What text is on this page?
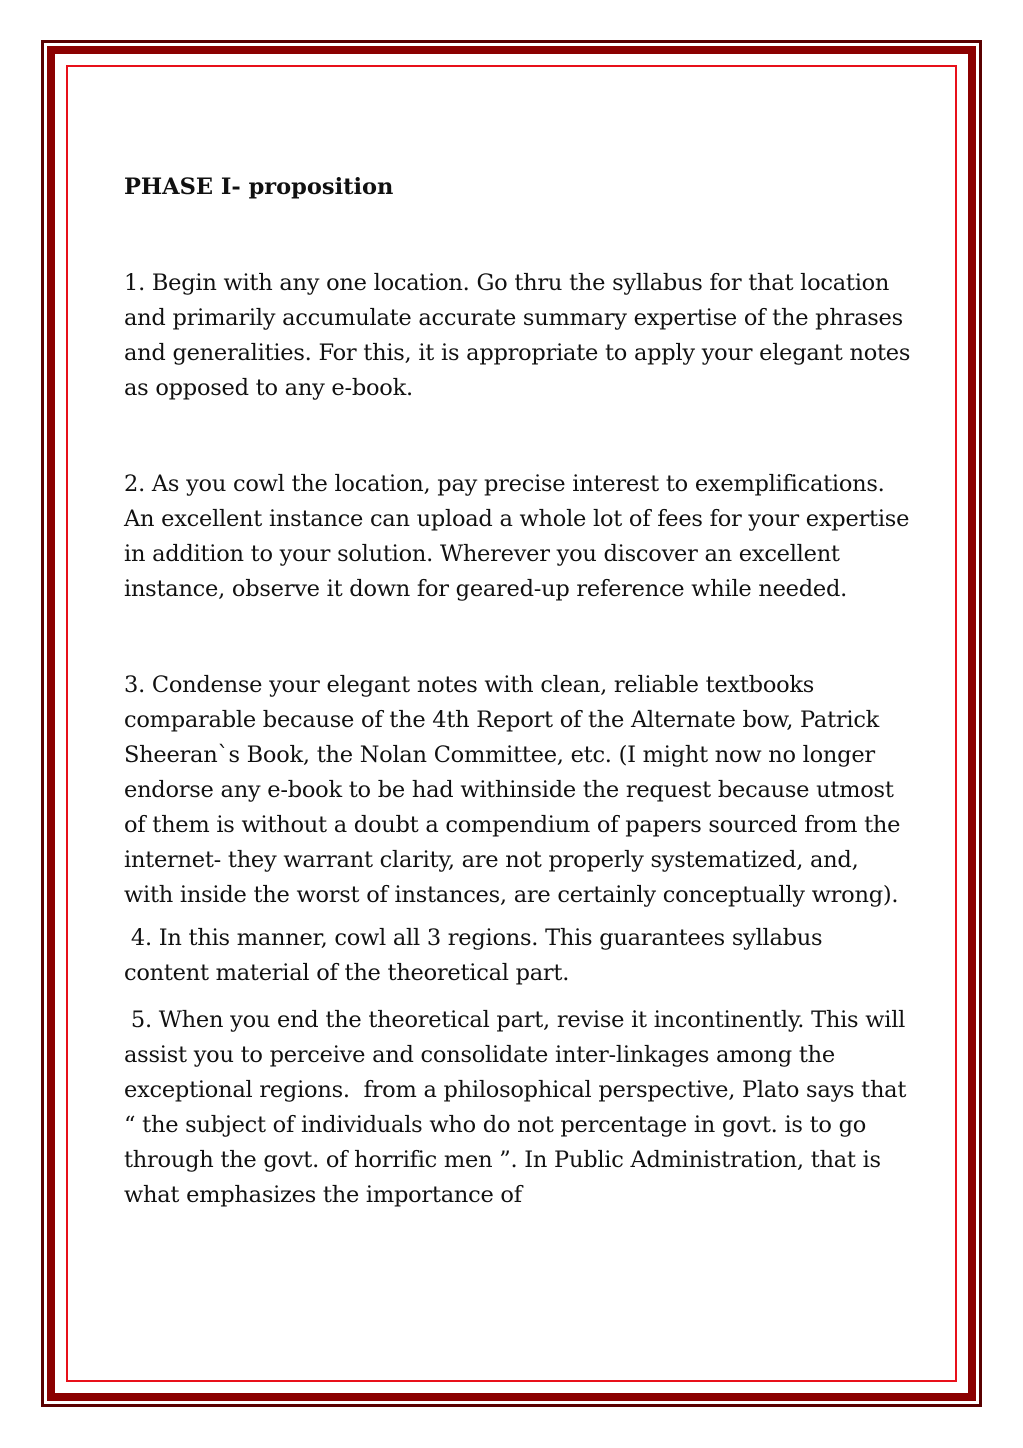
PHASE I- proposition

1. Begin with any one location. Go thru the syllabus for that location and primarily accumulate accurate summary expertise of the phrases and generalities. For this, it is appropriate to apply your elegant notes as opposed to any e-book.

2. As you cowl the location, pay precise interest to exemplifications. An excellent instance can upload a whole lot of fees for your expertise in addition to your solution. Wherever you discover an excellent instance, observe it down for geared-up reference while needed.

3. Condense your elegant notes with clean, reliable textbooks comparable because of the 4th Report of the Alternate bow, Patrick Sheeran`s Book, the Nolan Committee, etc. (I might now no longer endorse any e-book to be had withinside the request because utmost of them is without a doubt a compendium of papers sourced from the internet- they warrant clarity, are not properly systematized, and, with inside the worst of instances, are certainly conceptually wrong).

4. In this manner, cowl all 3 regions. This guarantees syllabus content material of the theoretical part.

5. When you end the theoretical part, revise it incontinently. This will assist you to perceive and consolidate inter-linkages among the exceptional regions.  from a philosophical perspective, Plato says that “ the subject of individuals who do not percentage in govt. is to go through the govt. of horrific men ”. In Public Administration, that is what emphasizes the importance of
